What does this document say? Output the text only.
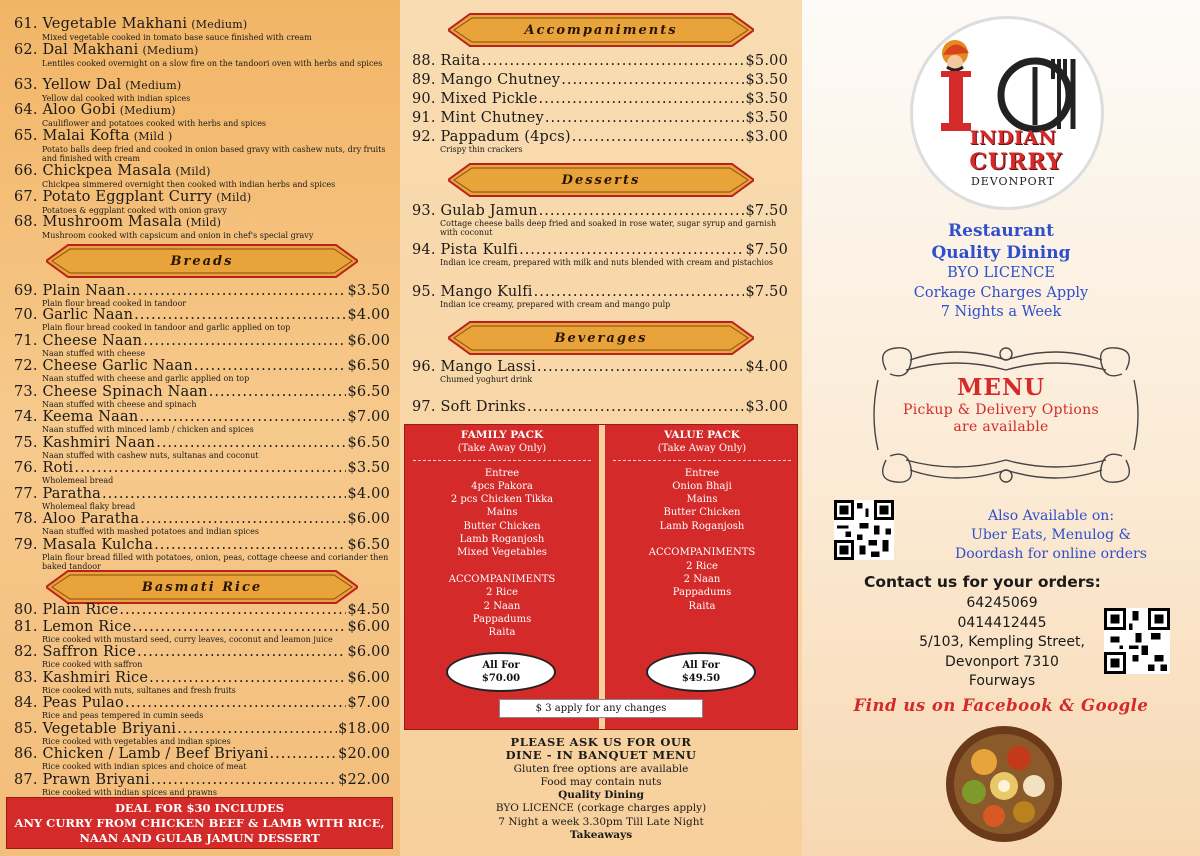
61. Vegetable Makhani (Medium)
Mixed vegetable cooked in tomato base sauce finished with cream
62. Dal Makhani (Medium)
Lentiles cooked overnight on a slow fire on the tandoori oven with herbs and spices
63. Yellow Dal (Medium)
Yellow dal cooked with indian spices
64. Aloo Gobi (Medium)
Cauliflower and potatoes cooked with herbs and spices
65. Malai Kofta (Mild )
Potato balls deep fried and cooked in onion based gravy with cashew nuts, dry fruits and finished with cream
66. Chickpea Masala (Mild)
Chickpea simmered overnight then cooked with indian herbs and spices
67. Potato Eggplant Curry (Mild)
Potatoes & eggplant cooked with onion gravy
68. Mushroom Masala (Mild)
Mushroom cooked with capsicum and onion in chef's special gravy
Breads
69. Plain Naan .....	$3.50
Plain flour bread cooked in tandoor
70. Garlic Naan .....	$4.00
Plain flour bread cooked in tandoor and garlic applied on top
71. Cheese Naan .....	$6.00
Naan stuffed with cheese
72. Cheese Garlic Naan .....	$6.50
Naan stuffed with cheese and garlic applied on top
73. Cheese Spinach Naan .....	$6.50
Naan stuffed with cheese and spinach
74. Keema Naan .....	$7.00
Naan stuffed with minced lamb / chicken and spices
75. Kashmiri Naan .....	$6.50
Naan stuffed with cashew nuts, sultanas and coconut
76. Roti .....	$3.50
Wholemeal bread
77. Paratha .....	$4.00
Wholemeal flaky bread
78. Aloo Paratha .....	$6.00
Naan stuffed with mashed potatoes and indian spices
79. Masala Kulcha .....	$6.50
Plain flour bread filled with potatoes, onion, peas, cottage cheese and coriander then baked tandoor
Basmati Rice
80. Plain Rice .....	$4.50
81. Lemon Rice .....	$6.00
Rice cooked with mustard seed, curry leaves, coconut and leamon juice
82. Saffron Rice .....	$6.00
Rice cooked with saffron
83. Kashmiri Rice .....	$6.00
Rice cooked with nuts, sultanes and fresh fruits
84. Peas Pulao .....	$7.00
Rice and peas tempered in cumin seeds
85. Vegetable Briyani .....	$18.00
Rice cooked with vegetables and indian spices
86. Chicken / Lamb / Beef Briyani .....	$20.00
Rice cooked with indian spices and choice of meat
87. Prawn Briyani .....	$22.00
Rice cooked with indian spices and prawns
DEAL FOR $30 INCLUDES
ANY CURRY FROM CHICKEN BEEF & LAMB WITH RICE,
NAAN AND GULAB JAMUN DESSERT
Accompaniments
Desserts
Beverages
FAMILY PACK
(Take Away Only)
Entree
4pcs Pakora
2 pcs Chicken Tikka
Mains
Butter Chicken
Lamb Roganjosh
Mixed Vegetables
ACCOMPANIMENTS
2 Rice
2 Naan
Pappadums
Raita
VALUE PACK
(Take Away Only)
Entree
Onion Bhaji
Mains
Butter Chicken
Lamb Roganjosh
ACCOMPANIMENTS
2 Rice
2 Naan
Pappadums
Raita
All For
$70.00
All For
$49.50
$ 3 apply for any changes
PLEASE ASK US FOR OUR
DINE - IN BANQUET MENU
Gluten free options are available
Food may contain nuts
Quality Dining
BYO LICENCE (corkage charges apply)
7 Night a week 3.30pm Till Late Night
Takeaways
88. Raita .....	$5.00
89. Mango Chutney .....	$3.50
90. Mixed Pickle .....	$3.50
91. Mint Chutney .....	$3.50
92. Pappadum (4pcs) .....	$3.00
Crispy thin crackers
93. Gulab Jamun .....	$7.50
Cottage cheese balls deep fried and soaked in rose water, sugar syrup and garnish with coconut
94. Pista Kulfi .....	$7.50
Indian ice cream, prepared with milk and nuts blended with cream and pistachios
95. Mango Kulfi .....	$7.50
Indian ice creamy, prepared with cream and mango pulp
96. Mango Lassi .....	$4.00
Chumed yoghurt drink
97. Soft Drinks .....	$3.00
INDIAN
CURRY
DEVONPORT
Restaurant
Quality Dining
BYO LICENCE
Corkage Charges Apply
7 Nights a Week
MENU
Pickup & Delivery Options
are available
Also Available on:
Uber Eats, Menulog &
Doordash for online orders
Contact us for your orders:
64245069
0414412445
5/103, Kempling Street,
Devonport 7310
Fourways
Find us on Facebook & Google
